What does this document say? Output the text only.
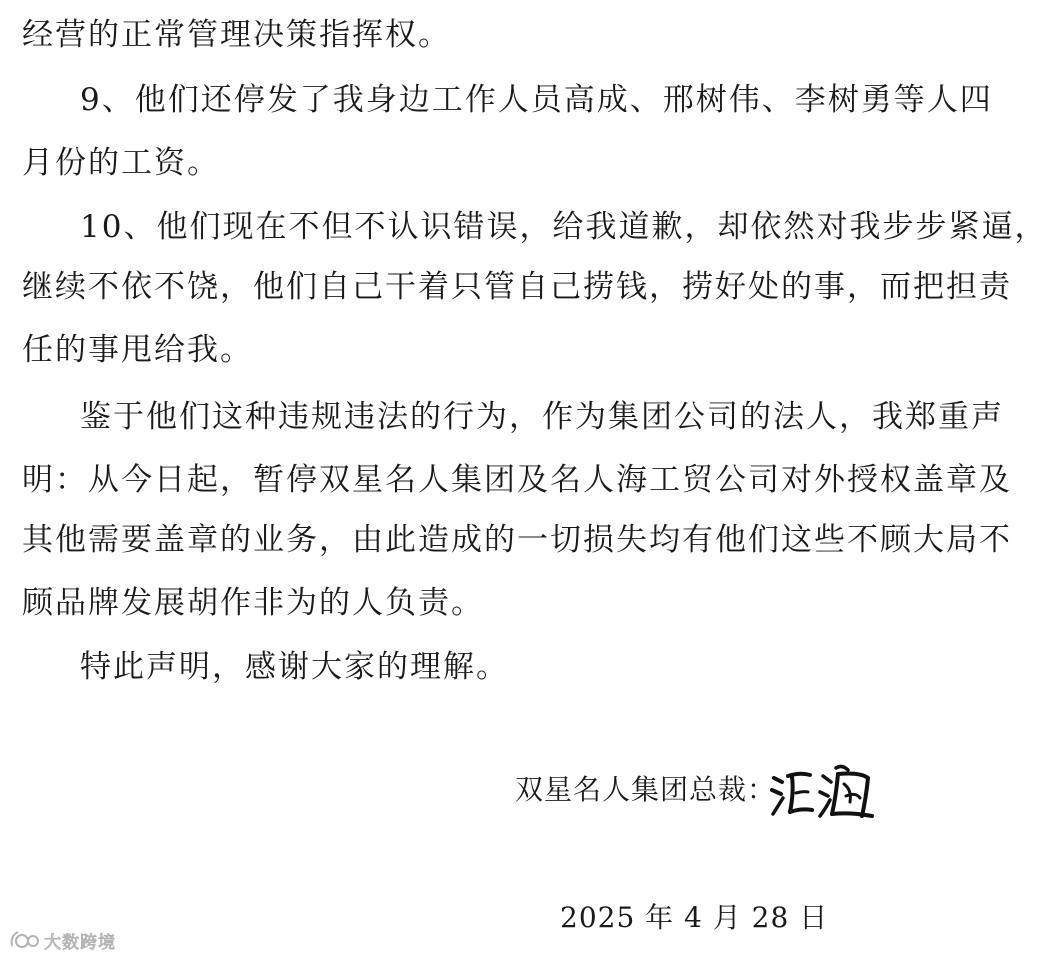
经营的正常管理决策指挥权。
9、他们还停发了我身边工作人员高成、邢树伟、李树勇等人四
月份的工资。
10、他们现在不但不认识错误，给我道歉，却依然对我步步紧逼，
继续不依不饶，他们自己干着只管自己捞钱，捞好处的事，而把担责
任的事甩给我。
鉴于他们这种违规违法的行为，作为集团公司的法人，我郑重声
明：从今日起，暂停双星名人集团及名人海工贸公司对外授权盖章及
其他需要盖章的业务，由此造成的一切损失均有他们这些不顾大局不
顾品牌发展胡作非为的人负责。
特此声明，感谢大家的理解。
双星名人集团总裁：
2025 年 4 月 28 日
大数跨境
